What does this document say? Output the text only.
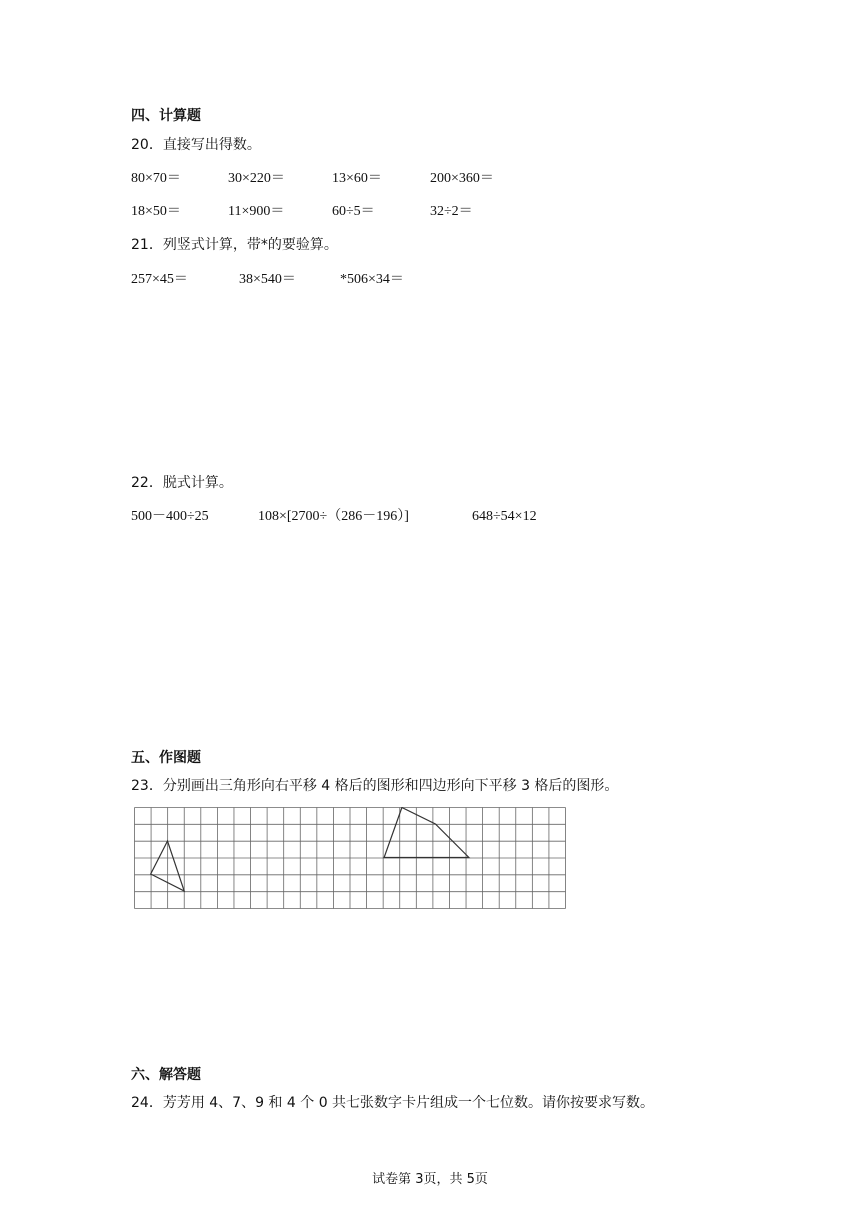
四、计算题
20．直接写出得数。
80×70＝	30×220＝	13×60＝	200×360＝
18×50＝	11×900＝	60÷5＝	32÷2＝
21．列竖式计算，带*的要验算。
257×45＝	38×540＝	*506×34＝
22．脱式计算。
500－400÷25	108×[2700÷（286－196）]	648÷54×12
五、作图题
23．分别画出三角形向右平移 4 格后的图形和四边形向下平移 3 格后的图形。
六、解答题
24．芳芳用 4、7、9 和 4 个 0 共七张数字卡片组成一个七位数。请你按要求写数。
试卷第 3页，共 5页
